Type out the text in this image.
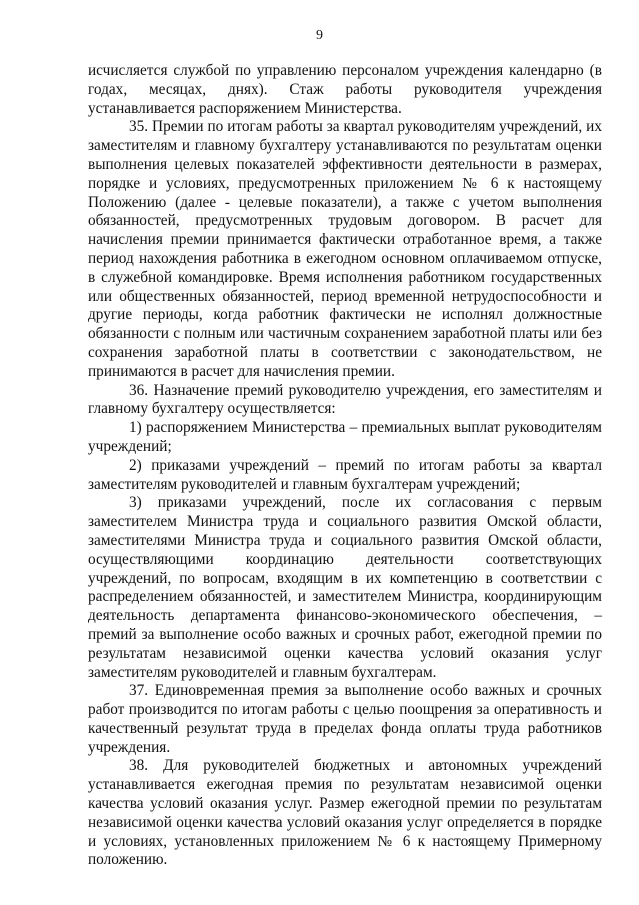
9

исчисляется службой по управлению персоналом учреждения календарно (в годах, месяцах, днях). Стаж работы руководителя учреждения устанавливается распоряжением Министерства.

35. Премии по итогам работы за квартал руководителям учреждений, их заместителям и главному бухгалтеру устанавливаются по результатам оценки выполнения целевых показателей эффективности деятельности в размерах, порядке и условиях, предусмотренных приложением № 6 к настоящему Положению (далее - целевые показатели), а также с учетом выполнения обязанностей, предусмотренных трудовым договором. В расчет для начисления премии принимается фактически отработанное время, а также период нахождения работника в ежегодном основном оплачиваемом отпуске, в служебной командировке. Время исполнения работником государственных или общественных обязанностей, период временной нетрудоспособности и другие периоды, когда работник фактически не исполнял должностные обязанности с полным или частичным сохранением заработной платы или без сохранения заработной платы в соответствии с законодательством, не принимаются в расчет для начисления премии.

36. Назначение премий руководителю учреждения, его заместителям и главному бухгалтеру осуществляется:

1) распоряжением Министерства – премиальных выплат руководителям учреждений;

2) приказами учреждений – премий по итогам работы за квартал заместителям руководителей и главным бухгалтерам учреждений;

3) приказами учреждений, после их согласования с первым заместителем Министра труда и социального развития Омской области, заместителями Министра труда и социального развития Омской области, осуществляющими координацию деятельности соответствующих учреждений, по вопросам, входящим в их компетенцию в соответствии с распределением обязанностей, и заместителем Министра, координирующим деятельность департамента финансово-экономического обеспечения, – премий за выполнение особо важных и срочных работ, ежегодной премии по результатам независимой оценки качества условий оказания услуг заместителям руководителей и главным бухгалтерам.

37. Единовременная премия за выполнение особо важных и срочных работ производится по итогам работы с целью поощрения за оперативность и качественный результат труда в пределах фонда оплаты труда работников учреждения.

38. Для руководителей бюджетных и автономных учреждений устанавливается ежегодная премия по результатам независимой оценки качества условий оказания услуг. Размер ежегодной премии по результатам независимой оценки качества условий оказания услуг определяется в порядке и условиях, установленных приложением № 6 к настоящему Примерному положению.
